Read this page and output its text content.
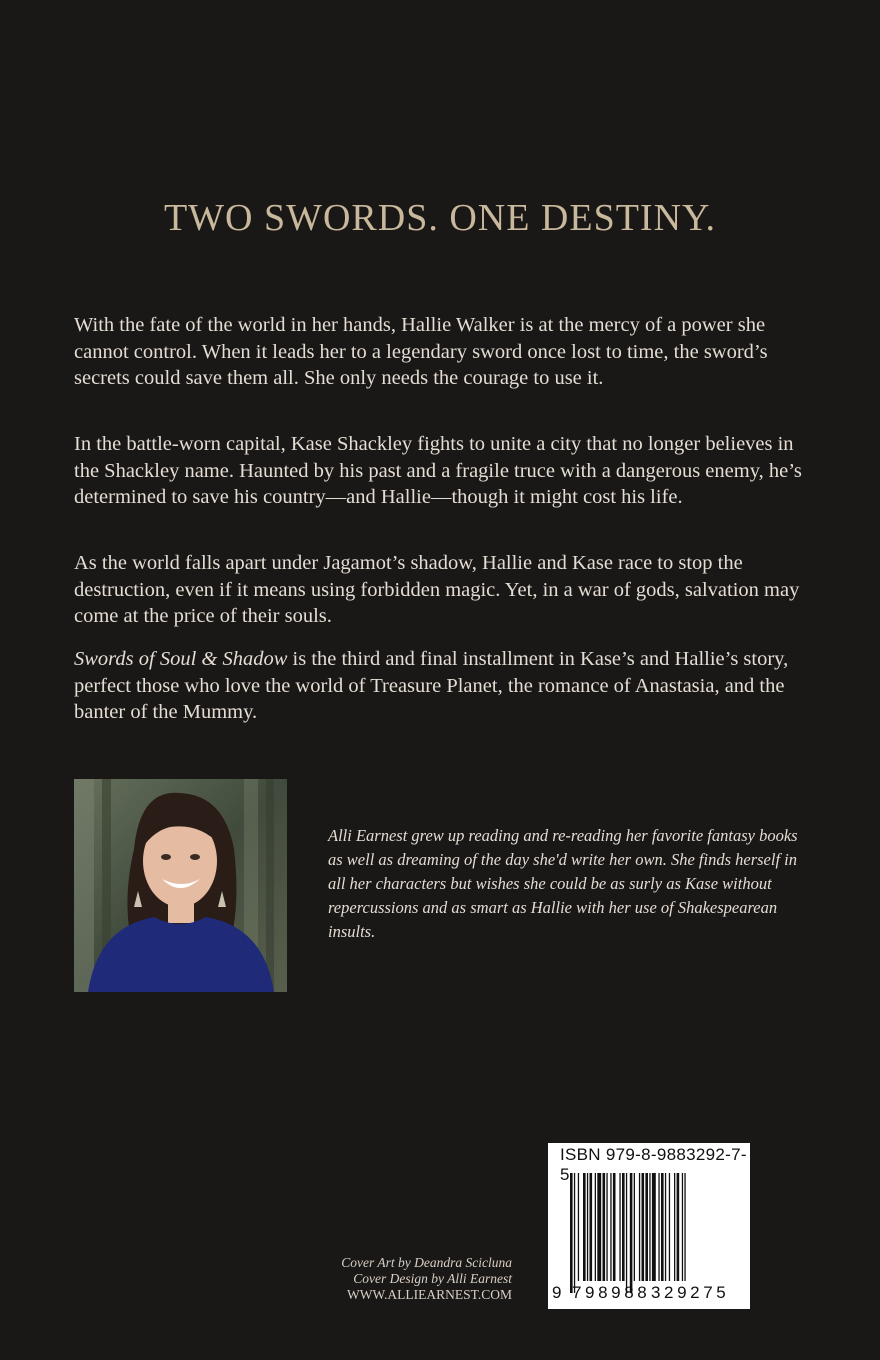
TWO SWORDS. ONE DESTINY.

With the fate of the world in her hands, Hallie Walker is at the mercy of a power she cannot control. When it leads her to a legendary sword once lost to time, the sword’s secrets could save them all. She only needs the courage to use it.

In the battle-worn capital, Kase Shackley fights to unite a city that no longer believes in the Shackley name. Haunted by his past and a fragile truce with a dangerous enemy, he’s determined to save his country—and Hallie—though it might cost his life.

As the world falls apart under Jagamot’s shadow, Hallie and Kase race to stop the destruction, even if it means using forbidden magic. Yet, in a war of gods, salvation may come at the price of their souls.

Swords of Soul & Shadow is the third and final installment in Kase’s and Hallie’s story, perfect those who love the world of Treasure Planet, the romance of Anastasia, and the banter of the Mummy.

Alli Earnest grew up reading and re-reading her favorite fantasy books as well as dreaming of the day she'd write her own. She finds herself in all her characters but wishes she could be as surly as Kase without repercussions and as smart as Hallie with her use of Shakespearean insults.

Cover Art by Deandra Scicluna
Cover Design by Alli Earnest
WWW.ALLIEARNEST.COM
ISBN 979-8-9883292-7-5
9 798988 329275
